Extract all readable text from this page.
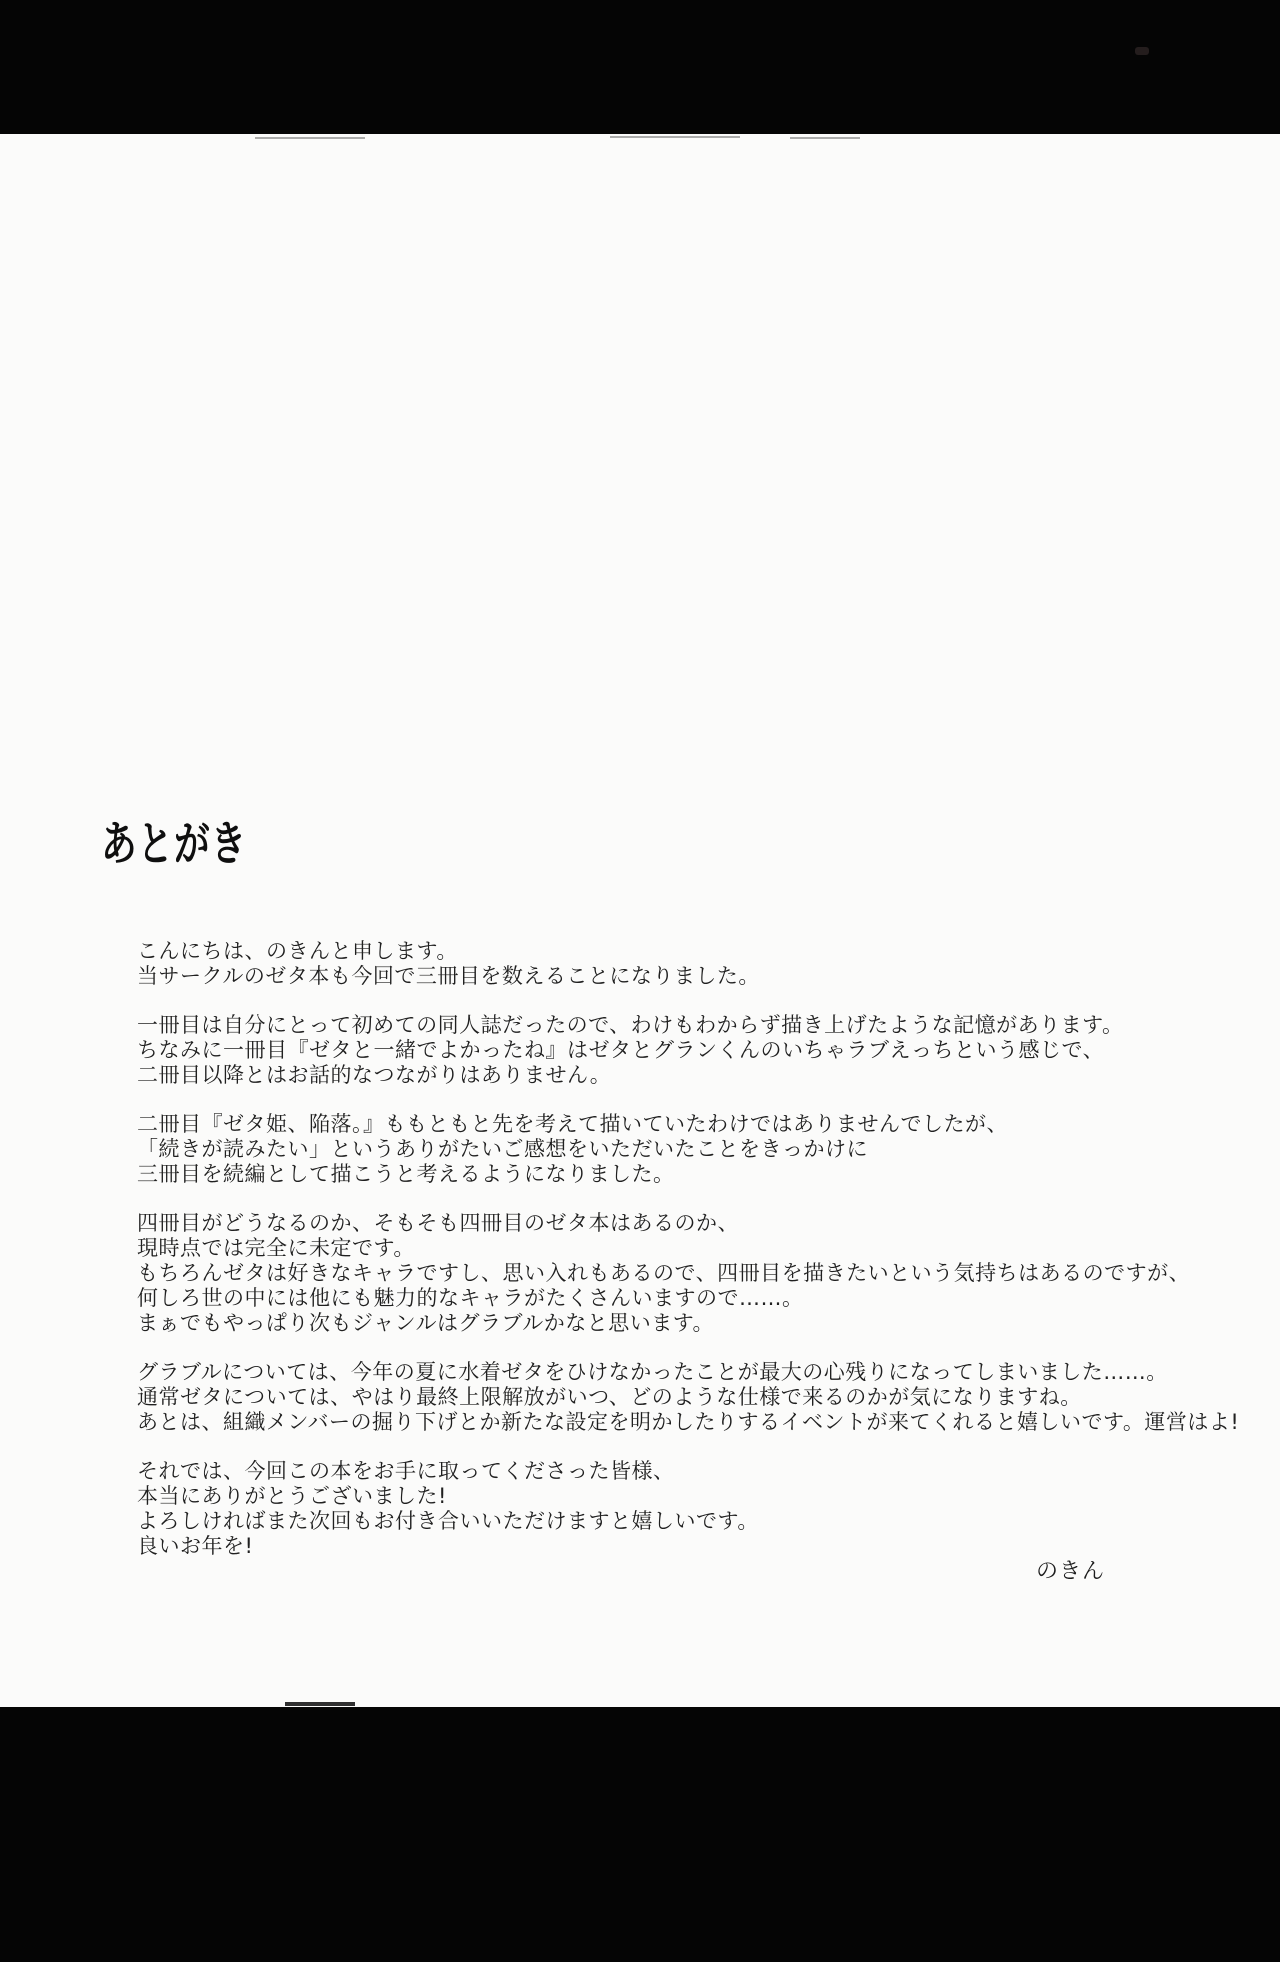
あとがき

こんにちは、のきんと申します。
当サークルのゼタ本も今回で三冊目を数えることになりました。

一冊目は自分にとって初めての同人誌だったので、わけもわからず描き上げたような記憶があります。
ちなみに一冊目『ゼタと一緒でよかったね』はゼタとグランくんのいちゃラブえっちという感じで、
二冊目以降とはお話的なつながりはありません。

二冊目『ゼタ姫、陥落。』ももともと先を考えて描いていたわけではありませんでしたが、
「続きが読みたい」というありがたいご感想をいただいたことをきっかけに
三冊目を続編として描こうと考えるようになりました。

四冊目がどうなるのか、そもそも四冊目のゼタ本はあるのか、
現時点では完全に未定です。
もちろんゼタは好きなキャラですし、思い入れもあるので、四冊目を描きたいという気持ちはあるのですが、
何しろ世の中には他にも魅力的なキャラがたくさんいますので……。
まぁでもやっぱり次もジャンルはグラブルかなと思います。

グラブルについては、今年の夏に水着ゼタをひけなかったことが最大の心残りになってしまいました……。
通常ゼタについては、やはり最終上限解放がいつ、どのような仕様で来るのかが気になりますね。
あとは、組織メンバーの掘り下げとか新たな設定を明かしたりするイベントが来てくれると嬉しいです。運営はよ!

それでは、今回この本をお手に取ってくださった皆様、
本当にありがとうございました!
よろしければまた次回もお付き合いいただけますと嬉しいです。
良いお年を!

のきん
